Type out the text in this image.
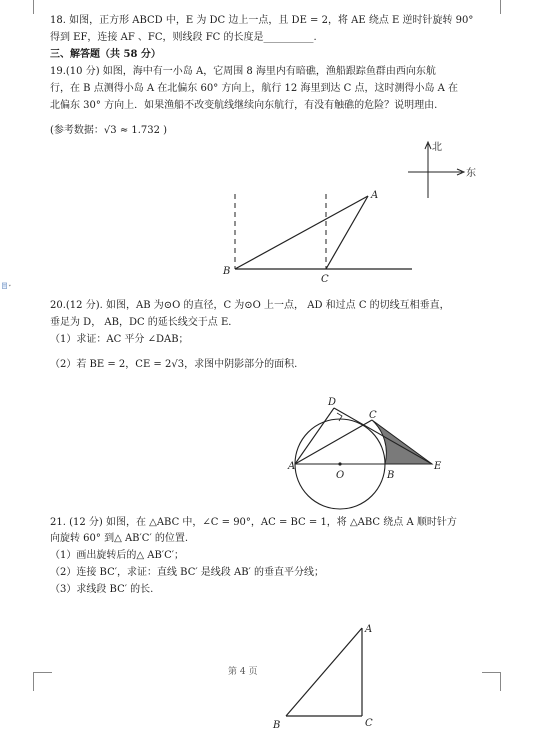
18. 如图，正方形 ABCD 中，E 为 DC 边上一点，且 DE = 2，将 AE 绕点 E 逆时针旋转 90°
得到 EF，连接 AF 、FC，则线段 FC 的长度是__________.
三、解答题（共 58 分）
19.(10 分) 如图，海中有一小岛 A，它周围 8 海里内有暗礁，渔船跟踪鱼群由西向东航
行，在 B 点测得小岛 A 在北偏东 60° 方向上，航行 12 海里到达 C 点，这时测得小岛 A 在
北偏东 30° 方向上．如果渔船不改变航线继续向东航行，有没有触礁的危险？说明理由.
(参考数据：√3 ≈ 1.732 )
北
东
A
B
C
20.(12 分). 如图，AB 为⊙O 的直径，C 为⊙O 上一点， AD 和过点 C 的切线互相垂直，
垂足为 D， AB，DC 的延长线交于点 E．
（1）求证：AC 平分 ∠DAB；
（2）若 BE = 2，CE = 2√3，求图中阴影部分的面积.
A
B
C
D
E
O
21. (12 分) 如图，在 △ABC 中，∠C = 90°，AC = BC = 1，将 △ABC 绕点 A 顺时针方
向旋转 60° 到△ AB′C′ 的位置.
（1）画出旋转后的△ AB′C′；
（2）连接 BC′，求证：直线 BC′ 是线段 AB′ 的垂直平分线；
（3）求线段 BC′ 的长.
A
B	C
第 4 页
